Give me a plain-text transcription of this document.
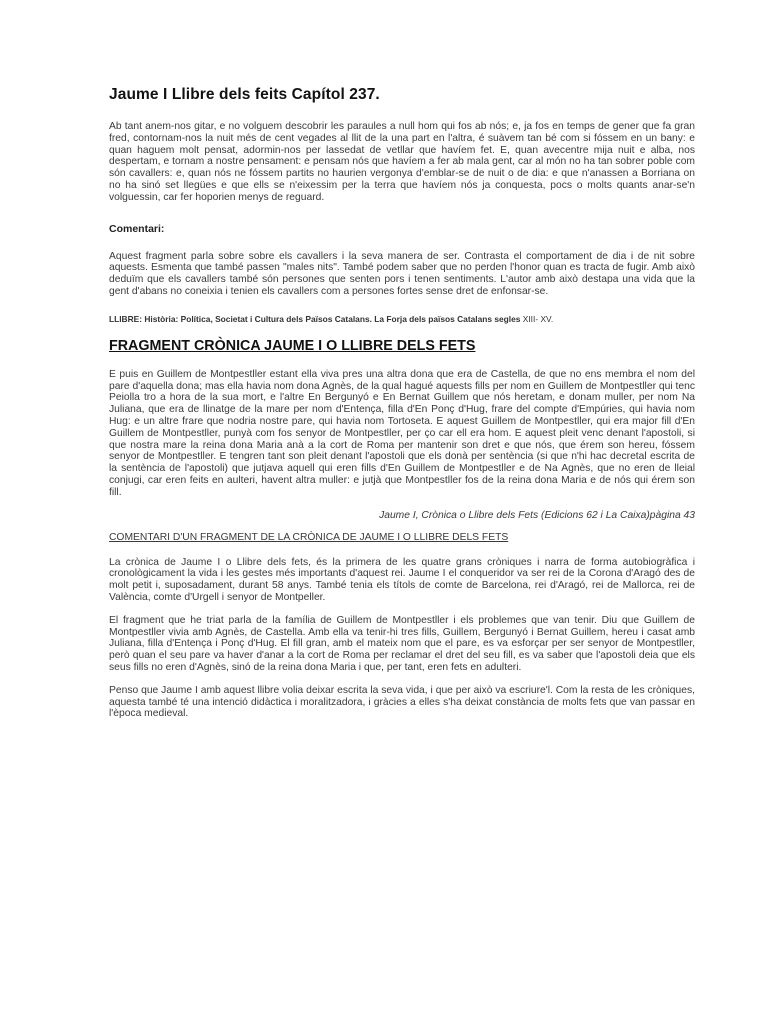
Jaume I Llibre dels feits Capítol 237.

Ab tant anem-nos gitar, e no volguem descobrir les paraules a null hom qui fos ab nós; e, ja fos en temps de gener que fa gran fred, contornam-nos la nuit més de cent vegades al llit de la una part en l'altra, é suàvem tan bé com si fóssem en un bany: e quan haguem molt pensat, adormin-nos per lassedat de vetllar que havíem fet. E, quan avecentre mija nuit e alba, nos despertam, e tornam a nostre pensament: e pensam nós que havíem a fer ab mala gent, car al món no ha tan sobrer poble com són cavallers: e, quan nós ne fóssem partits no haurien vergonya d'emblar-se de nuit o de dia: e que n'anassen a Borriana on no ha sinó set llegües e que ells se n'eixessim per la terra que havíem nós ja conquesta, pocs o molts quants anar-se'n volguessin, car fer hoporien menys de reguard.

Comentari:

Aquest fragment parla sobre sobre els cavallers i la seva manera de ser. Contrasta el comportament de dia i de nit sobre aquests. Esmenta que també passen "males nits". També podem saber que no perden l'honor quan es tracta de fugir. Amb això deduïm que els cavallers també són persones que senten pors i tenen sentiments. L'autor amb això destapa una vida que la gent d'abans no coneixia i tenien els cavallers com a persones fortes sense dret de enfonsar-se.

LLIBRE: Història: Política, Societat i Cultura dels Països Catalans. La Forja dels països Catalans segles XIII- XV.
FRAGMENT CRÒNICA JAUME I O LLIBRE DELS FETS

E puis en Guillem de Montpestller estant ella viva pres una altra dona que era de Castella, de que no ens membra el nom del pare d'aquella dona; mas ella havia nom dona Agnès, de la qual hagué aquests fills per nom en Guillem de Montpestller qui tenc Peiolla tro a hora de la sua mort, e l'altre En Bergunyó e En Bernat Guillem que nós heretam, e donam muller, per nom Na Juliana, que era de llinatge de la mare per nom d'Entença, filla d'En Ponç d'Hug, frare del compte d'Empúries, qui havia nom Hug: e un altre frare que nodria nostre pare, qui havia nom Tortoseta. E aquest Guillem de Montpestller, qui era major fill d'En Guillem de Montpestller, punyà com fos senyor de Montpestller, per ço car ell era hom. E aquest pleit venc denant l'apostoli, si que nostra mare la reina dona Maria anà a la cort de Roma per mantenir son dret e que nós, que érem son hereu, fóssem senyor de Montpestller. E tengren tant son pleit denant l'apostoli que els donà per sentència (si que n'hi hac decretal escrita de la sentència de l'apostoli) que jutjava aquell qui eren fills d'En Guillem de Montpestller e de Na Agnès, que no eren de lleial conjugi, car eren feits en aulteri, havent altra muller: e jutjà que Montpestller fos de la reina dona Maria e de nós qui érem son fill.

Jaume I, Crònica o Llibre dels Fets (Edicions 62 i La Caixa)pàgina 43
COMENTARI D'UN FRAGMENT DE LA CRÒNICA DE JAUME I O LLIBRE DELS FETS

La crònica de Jaume I o Llibre dels fets, és la primera de les quatre grans cròniques i narra de forma autobiogràfica i cronològicament la vida i les gestes més importants d'aquest rei. Jaume I el conqueridor va ser rei de la Corona d'Aragó des de molt petit i, suposadament, durant 58 anys. També tenia els títols de comte de Barcelona, rei d'Aragó, rei de Mallorca, rei de València, comte d'Urgell i senyor de Montpeller.

El fragment que he triat parla de la família de Guillem de Montpestller i els problemes que van tenir. Diu que Guillem de Montpestller vivia amb Agnès, de Castella. Amb ella va tenir-hi tres fills, Guillem, Bergunyó i Bernat Guillem, hereu i casat amb Juliana, filla d'Entença i Ponç d'Hug. El fill gran, amb el mateix nom que el pare, es va esforçar per ser senyor de Montpestller, però quan el seu pare va haver d'anar a la cort de Roma per reclamar el dret del seu fill, es va saber que l'apostoli deia que els seus fills no eren d'Agnès, sinó de la reina dona Maria i que, per tant, eren fets en adulteri.

Penso que Jaume I amb aquest llibre volia deixar escrita la seva vida, i que per això va escriure'l. Com la resta de les cròniques, aquesta també té una intenció didàctica i moralitzadora, i gràcies a elles s'ha deixat constància de molts fets que van passar en l'època medieval.
